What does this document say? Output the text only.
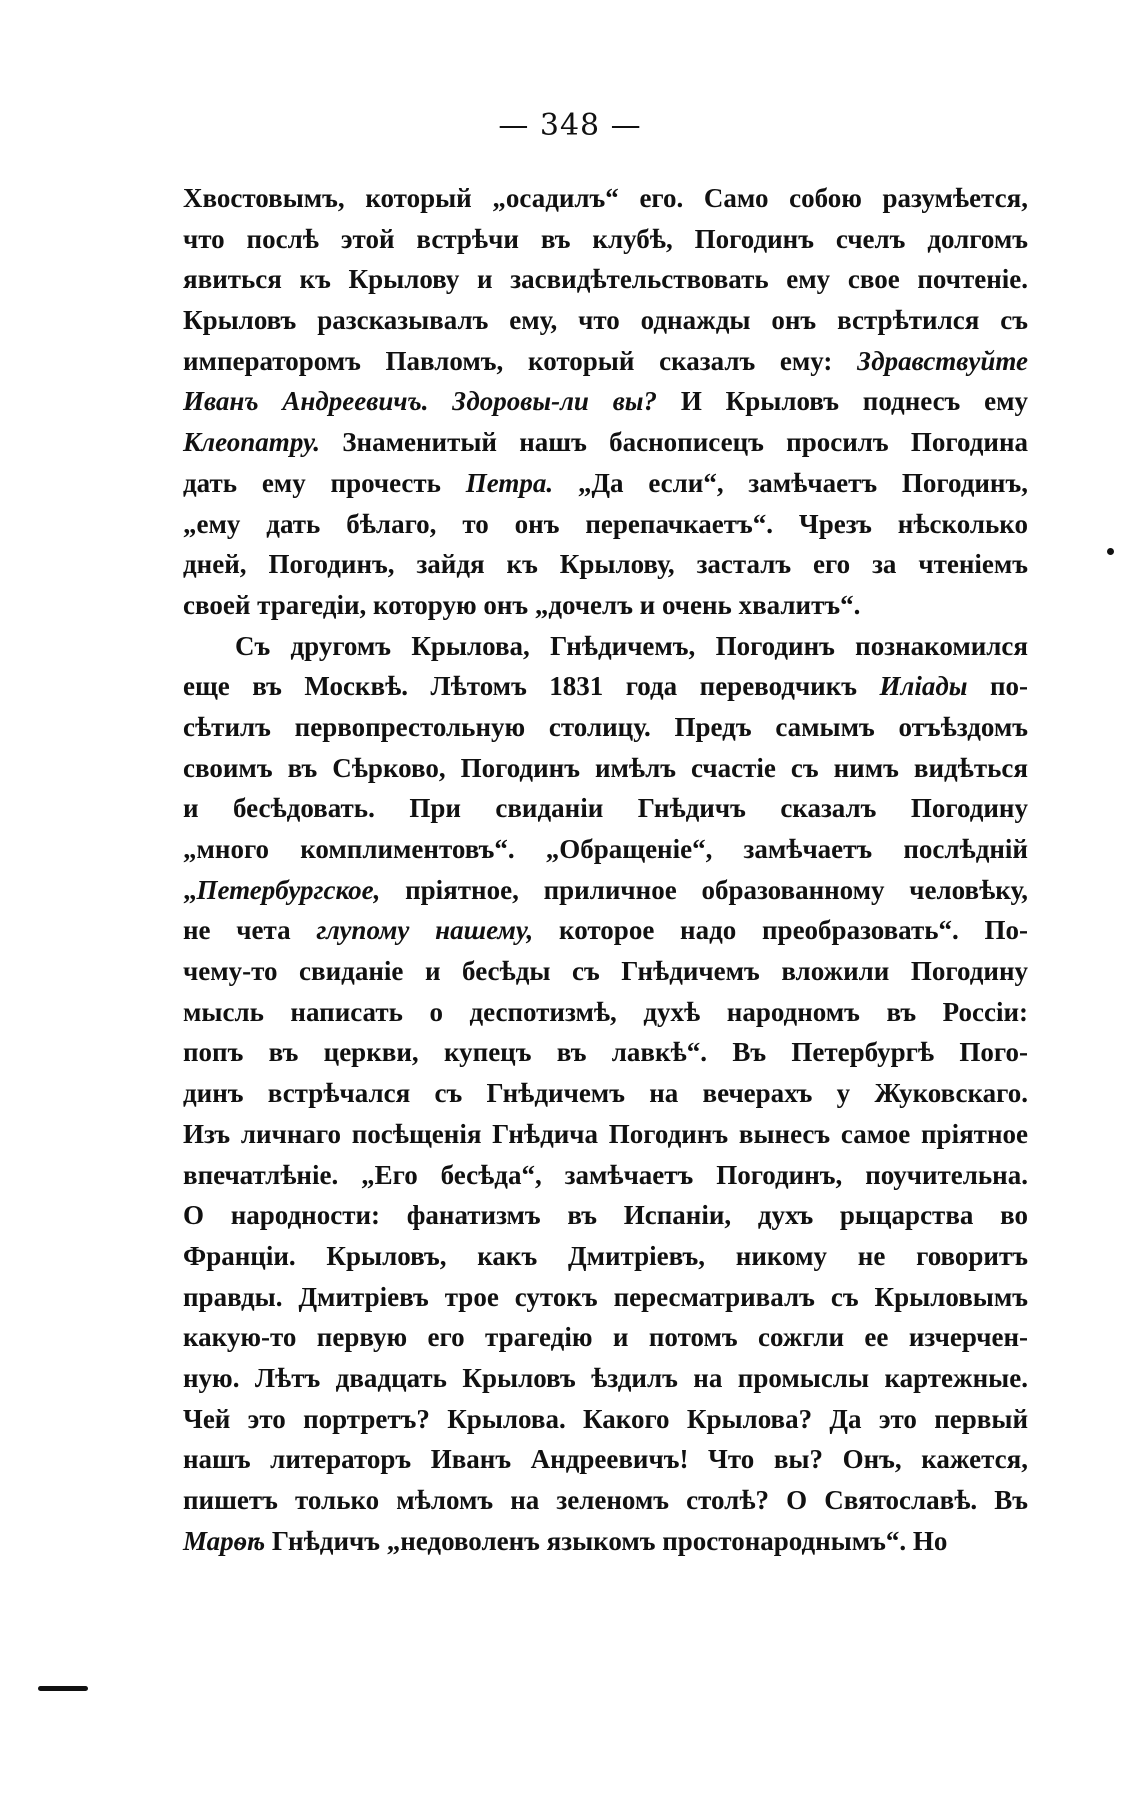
— 348 —
Хвостовымъ, который „осадилъ“ его. Само собою разумѣется,
что послѣ этой встрѣчи въ клубѣ, Погодинъ счелъ долгомъ
явиться къ Крылову и засвидѣтельствовать ему свое почтеніе.
Крыловъ разсказывалъ ему, что однажды онъ встрѣтился съ
императоромъ Павломъ, который сказалъ ему: Здравствуйте
Иванъ Андреевичъ. Здоровы-ли вы? И Крыловъ поднесъ ему
Клеопатру. Знаменитый нашъ баснописецъ просилъ Погодина
дать ему прочесть Петра. „Да если“, замѣчаетъ Погодинъ,
„ему дать бѣлаго, то онъ перепачкаетъ“. Чрезъ нѣсколько
дней, Погодинъ, зайдя къ Крылову, засталъ его за чтеніемъ
своей трагедіи, которую онъ „дочелъ и очень хвалитъ“.
Съ другомъ Крылова, Гнѣдичемъ, Погодинъ познакомился
еще въ Москвѣ. Лѣтомъ 1831 года переводчикъ Иліады по-
сѣтилъ первопрестольную столицу. Предъ самымъ отъѣздомъ
своимъ въ Сѣрково, Погодинъ имѣлъ счастіе съ нимъ видѣться
и бесѣдовать. При свиданіи Гнѣдичъ сказалъ Погодину
„много комплиментовъ“. „Обращеніе“, замѣчаетъ послѣдній
„Петербургское, пріятное, приличное образованному человѣку,
не чета глупому нашему, которое надо преобразовать“. По-
чему-то свиданіе и бесѣды съ Гнѣдичемъ вложили Погодину
мысль написать о деспотизмѣ, духѣ народномъ въ Россіи:
попъ въ церкви, купецъ въ лавкѣ“. Въ Петербургѣ Пого-
динъ встрѣчался съ Гнѣдичемъ на вечерахъ у Жуковскаго.
Изъ личнаго посѣщенія Гнѣдича Погодинъ вынесъ самое пріятное
впечатлѣніе. „Его бесѣда“, замѣчаетъ Погодинъ, поучительна.
О народности: фанатизмъ въ Испаніи, духъ рыцарства во
Франціи. Крыловъ, какъ Дмитріевъ, никому не говоритъ
правды. Дмитріевъ трое сутокъ пересматривалъ съ Крыловымъ
какую-то первую его трагедію и потомъ сожгли ее изчерчен-
ную. Лѣтъ двадцать Крыловъ ѣздилъ на промыслы картежные.
Чей это портретъ? Крылова. Какого Крылова? Да это первый
нашъ литераторъ Иванъ Андреевичъ! Что вы? Онъ, кажется,
пишетъ только мѣломъ на зеленомъ столѣ? О Святославѣ. Въ
Марѳѣ Гнѣдичъ „недоволенъ языкомъ простонароднымъ“. Но
